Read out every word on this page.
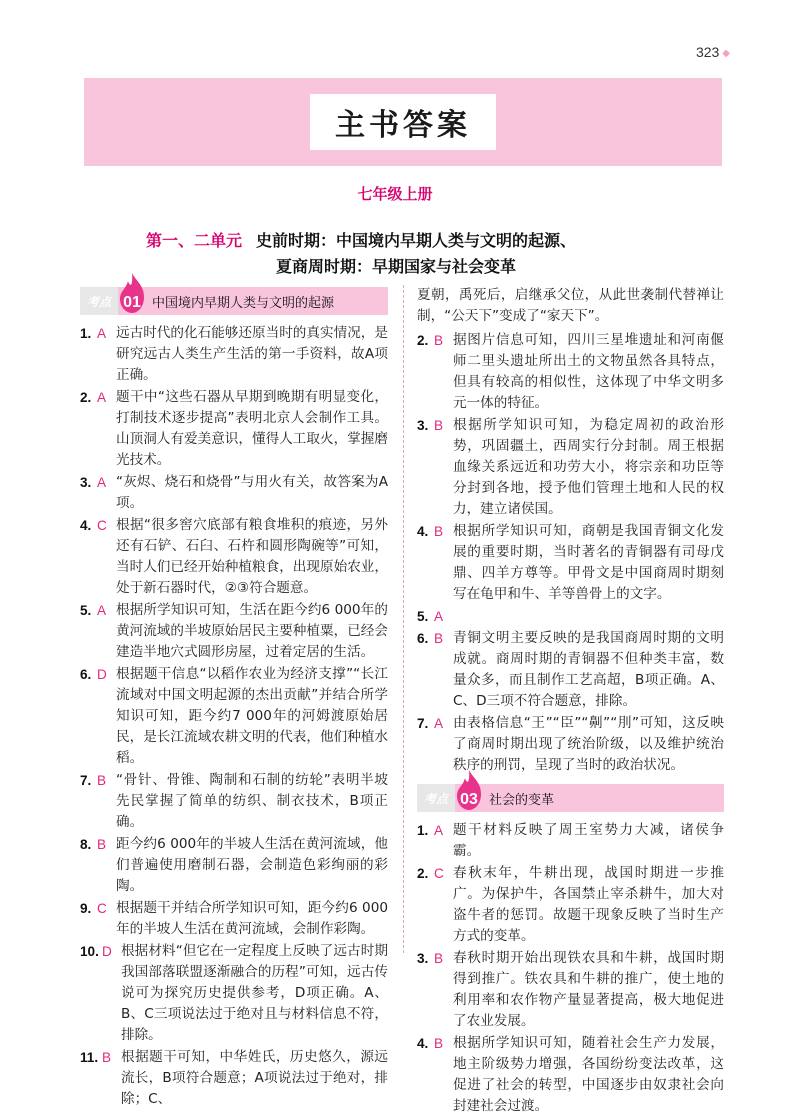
323 ◆
主书答案
七年级上册
第一、二单元 史前时期：中国境内早期人类与文明的起源、
夏商周时期：早期国家与社会变革
考点 01 中国境内早期人类与文明的起源
1. A 远古时代的化石能够还原当时的真实情况，是研究远古人类生产生活的第一手资料，故A项正确。
2. A 题干中“这些石器从早期到晚期有明显变化，打制技术逐步提高”表明北京人会制作工具。山顶洞人有爱美意识，懂得人工取火，掌握磨光技术。
3. A “灰烬、烧石和烧骨”与用火有关，故答案为A项。
4. C 根据“很多窖穴底部有粮食堆积的痕迹，另外还有石铲、石臼、石杵和圆形陶碗等”可知，当时人们已经开始种植粮食，出现原始农业，处于新石器时代，②③符合题意。
5. A 根据所学知识可知，生活在距今约6 000年的黄河流域的半坡原始居民主要种植粟，已经会建造半地穴式圆形房屋，过着定居的生活。
6. D 根据题干信息“以稻作农业为经济支撑”“长江流域对中国文明起源的杰出贡献”并结合所学知识可知，距今约7 000年的河姆渡原始居民，是长江流域农耕文明的代表，他们种植水稻。
7. B “骨针、骨锥、陶制和石制的纺轮”表明半坡先民掌握了简单的纺织、制衣技术，B项正确。
8. B 距今约6 000年的半坡人生活在黄河流域，他们普遍使用磨制石器，会制造色彩绚丽的彩陶。
9. C 根据题干并结合所学知识可知，距今约6 000年的半坡人生活在黄河流域，会制作彩陶。
10. D 根据材料“但它在一定程度上反映了远古时期我国部落联盟逐渐融合的历程”可知，远古传说可为探究历史提供参考，D项正确。A、B、C三项说法过于绝对且与材料信息不符，排除。
11. B 根据题干可知，中华姓氏，历史悠久，源远流长，B项符合题意；A项说法过于绝对，排除；C、
夏朝，禹死后，启继承父位，从此世袭制代替禅让制，“公天下”变成了“家天下”。
2. B 据图片信息可知，四川三星堆遗址和河南偃师二里头遗址所出土的文物虽然各具特点，但具有较高的相似性，这体现了中华文明多元一体的特征。
3. B 根据所学知识可知，为稳定周初的政治形势，巩固疆土，西周实行分封制。周王根据血缘关系远近和功劳大小，将宗亲和功臣等分封到各地，授予他们管理土地和人民的权力，建立诸侯国。
4. B 根据所学知识可知，商朝是我国青铜文化发展的重要时期，当时著名的青铜器有司母戊鼎、四羊方尊等。甲骨文是中国商周时期刻写在龟甲和牛、羊等兽骨上的文字。
5. A
6. B 青铜文明主要反映的是我国商周时期的文明成就。商周时期的青铜器不但种类丰富，数量众多，而且制作工艺高超，B项正确。A、C、D三项不符合题意，排除。
7. A 由表格信息“王”“臣”“劓”“刖”可知，这反映了商周时期出现了统治阶级，以及维护统治秩序的刑罚，呈现了当时的政治状况。
考点 03 社会的变革
1. A 题干材料反映了周王室势力大减，诸侯争霸。
2. C 春秋末年，牛耕出现，战国时期进一步推广。为保护牛，各国禁止宰杀耕牛，加大对盗牛者的惩罚。故题干现象反映了当时生产方式的变革。
3. B 春秋时期开始出现铁农具和牛耕，战国时期得到推广。铁农具和牛耕的推广，使土地的利用率和农作物产量显著提高，极大地促进了农业发展。
4. B 根据所学知识可知，随着社会生产力发展，地主阶级势力增强，各国纷纷变法改革，这促进了社会的转型，中国逐步由奴隶社会向封建社会过渡。
